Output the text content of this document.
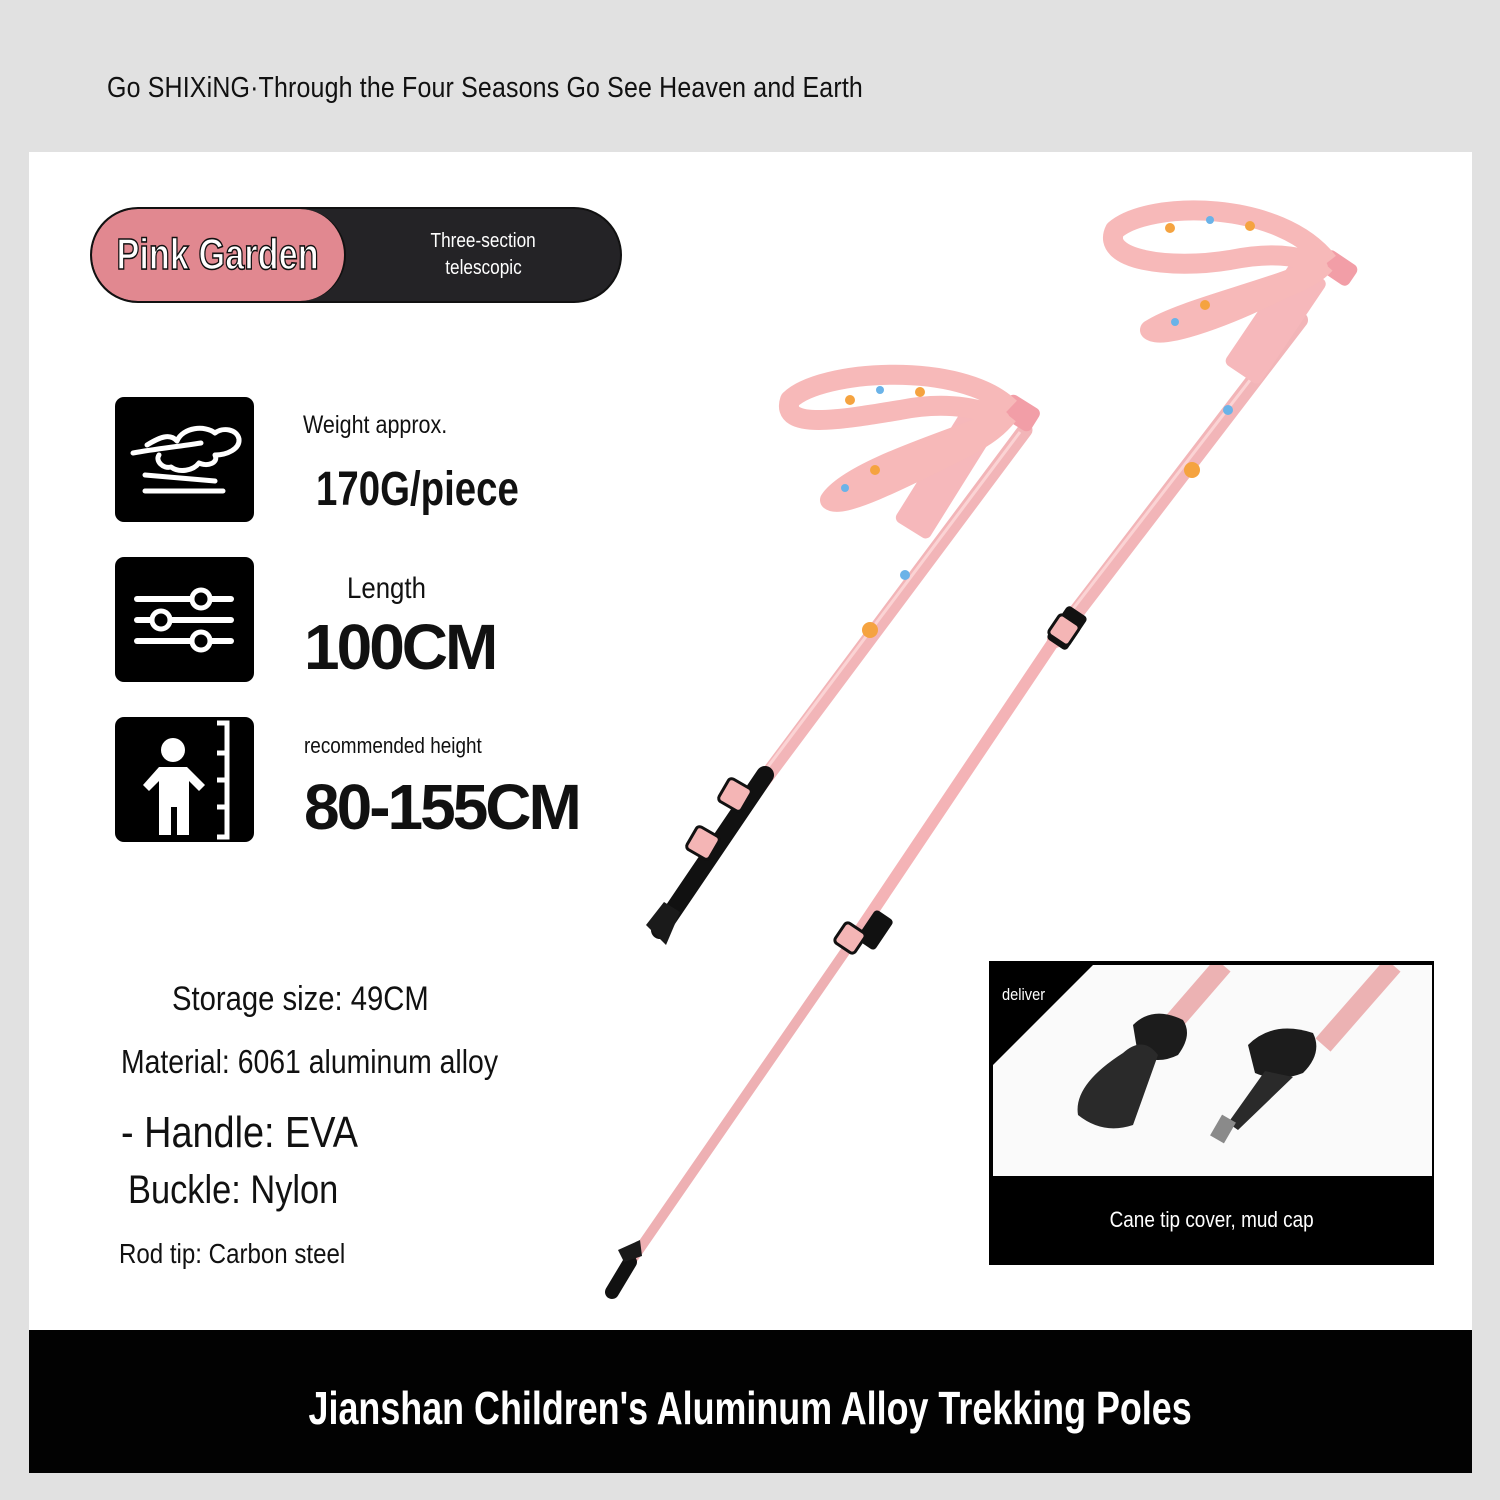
Go SHIXiNG·Through the Four Seasons Go See Heaven and Earth
Pink Garden	Three-section
telescopic
Weight approx.
170G/piece
Length
100CM
recommended height
80-155CM
Storage size: 49CM
Material: 6061 aluminum alloy
- Handle: EVA
Buckle: Nylon
Rod tip: Carbon steel
deliver
Cane tip cover, mud cap
Jianshan Children's Aluminum Alloy Trekking Poles
